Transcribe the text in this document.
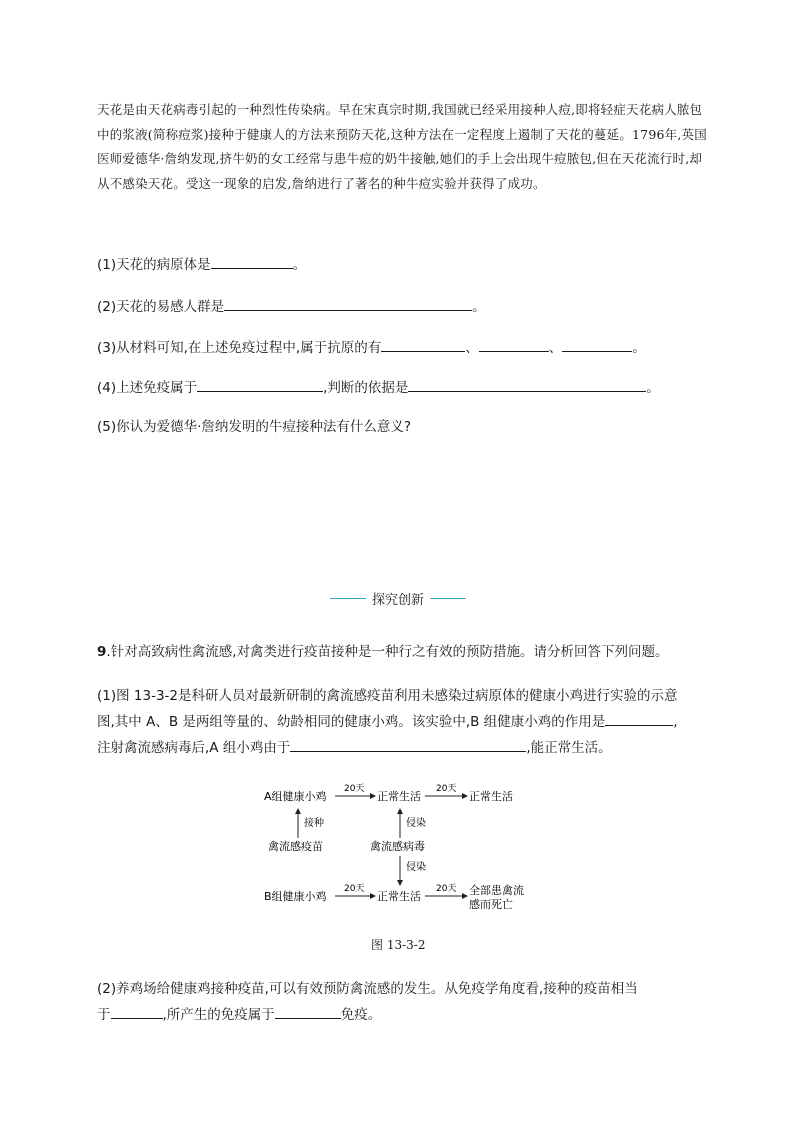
天花是由天花病毒引起的一种烈性传染病。早在宋真宗时期,我国就已经采用接种人痘,即将轻症天花病人脓包中的浆液(简称痘浆)接种于健康人的方法来预防天花,这种方法在一定程度上遏制了天花的蔓延。1796年,英国医师爱德华·詹纳发现,挤牛奶的女工经常与患牛痘的奶牛接触,她们的手上会出现牛痘脓包,但在天花流行时,却从不感染天花。受这一现象的启发,詹纳进行了著名的种牛痘实验并获得了成功。

(1)天花的病原体是	。

(2)天花的易感人群是	。

(3)从材料可知,在上述免疫过程中,属于抗原的有	、	、	。

(4)上述免疫属于	,判断的依据是	。

(5)你认为爱德华·詹纳发明的牛痘接种法有什么意义?

探究创新

9.针对高致病性禽流感,对禽类进行疫苗接种是一种行之有效的预防措施。请分析回答下列问题。

(1)图 13-3-2是科研人员对最新研制的禽流感疫苗利用未感染过病原体的健康小鸡进行实验的示意
图,其中 A、B 是两组等量的、幼龄相同的健康小鸡。该实验中,B 组健康小鸡的作用是	,
注射禽流感病毒后,A 组小鸡由于	,能正常生活。

A组健康小鸡
20天
正常生活
20天
正常生活
接种
禽流感疫苗
侵染
禽流感病毒
侵染
B组健康小鸡
20天
正常生活
20天 全部患禽流
感而死亡
图 13-3-2

(2)养鸡场给健康鸡接种疫苗,可以有效预防禽流感的发生。从免疫学角度看,接种的疫苗相当
于	,所产生的免疫属于	免疫。
